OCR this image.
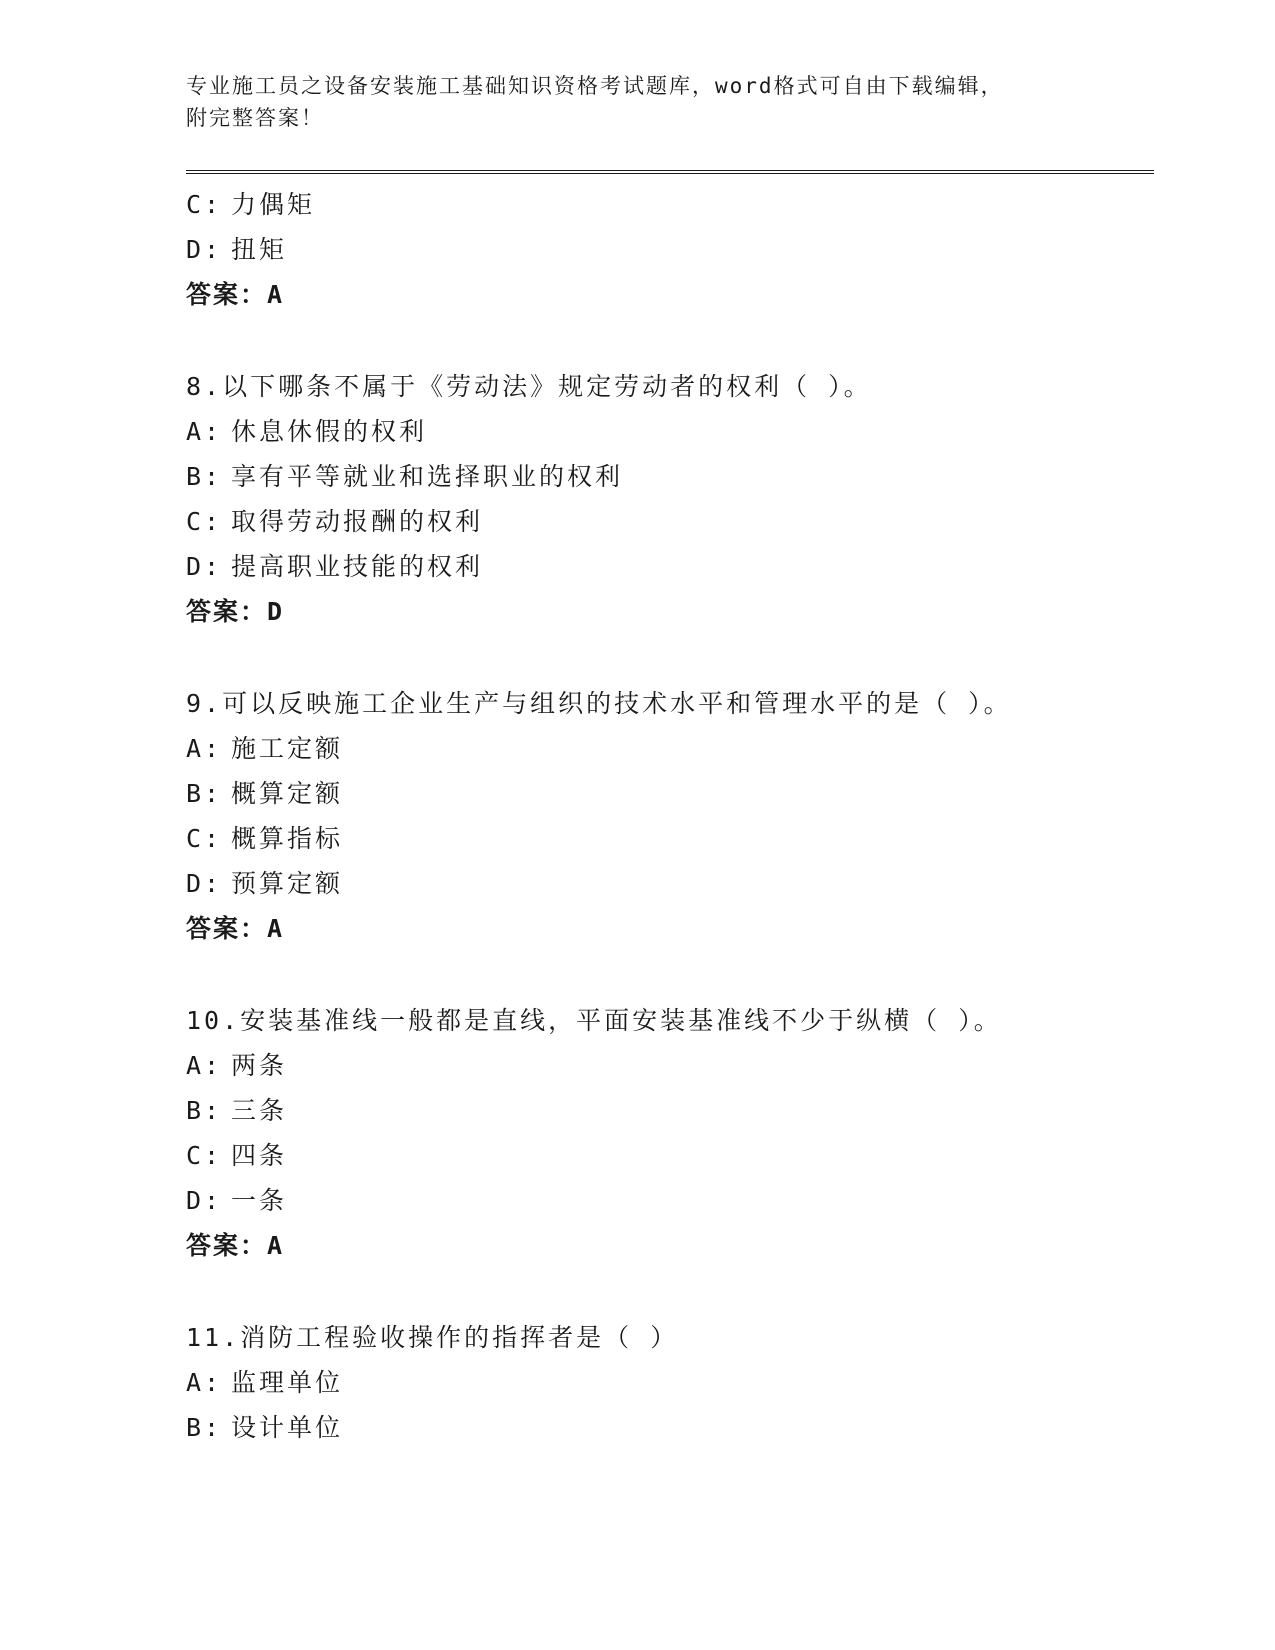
专业施工员之设备安装施工基础知识资格考试题库，word格式可自由下载编辑，
附完整答案！
C: 力偶矩
D: 扭矩
答案：A
8.以下哪条不属于《劳动法》规定劳动者的权利（ ）。
A: 休息休假的权利
B: 享有平等就业和选择职业的权利
C: 取得劳动报酬的权利
D: 提高职业技能的权利
答案：D
9.可以反映施工企业生产与组织的技术水平和管理水平的是（ ）。
A: 施工定额
B: 概算定额
C: 概算指标
D: 预算定额
答案：A
10.安装基准线一般都是直线，平面安装基准线不少于纵横（ ）。
A: 两条
B: 三条
C: 四条
D: 一条
答案：A
11.消防工程验收操作的指挥者是（ ）
A: 监理单位
B: 设计单位
